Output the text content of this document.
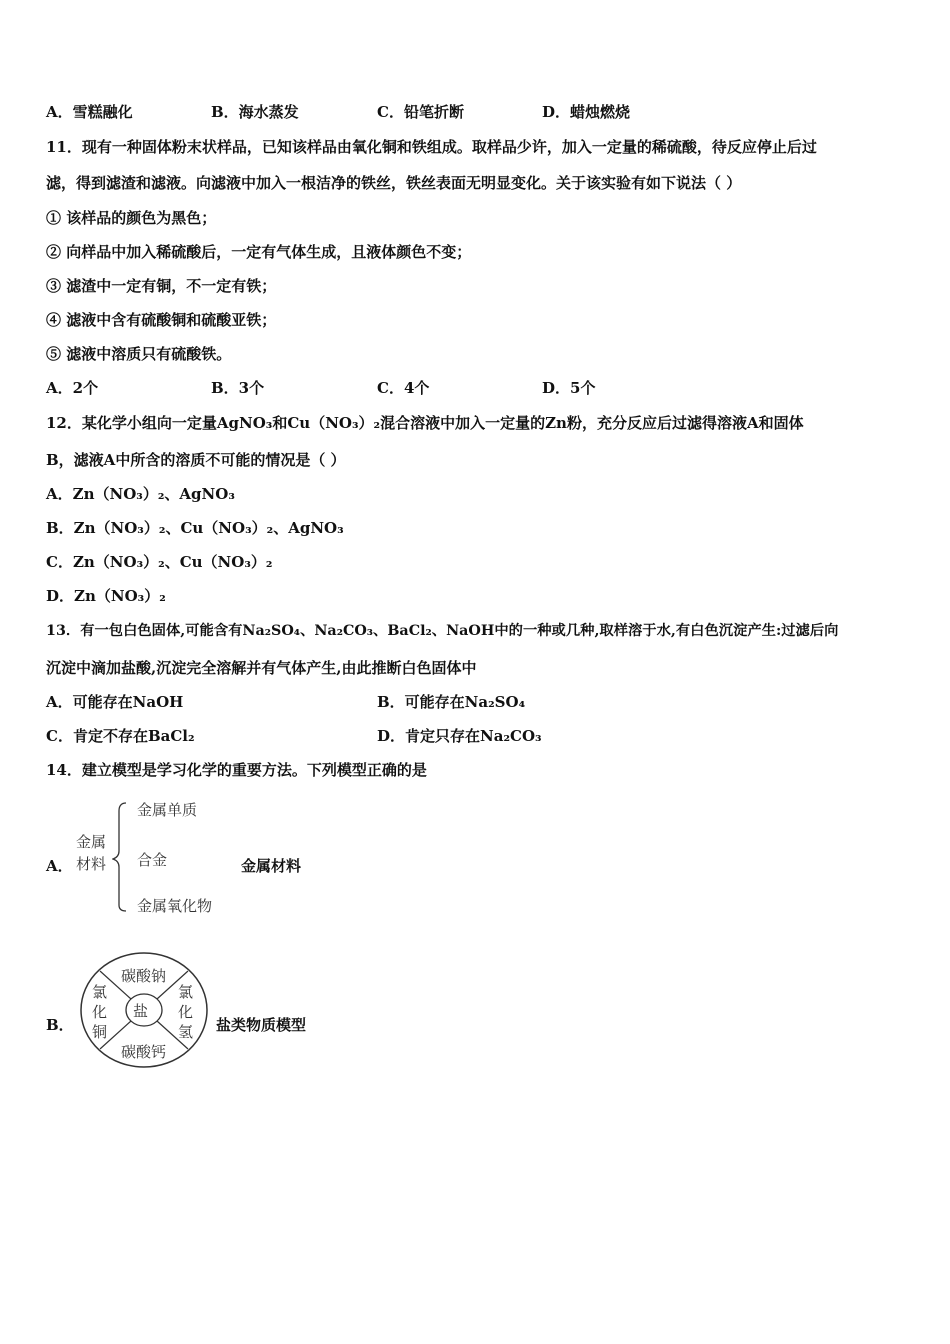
A．雪糕融化	B．海水蒸发	C．铅笔折断	D．蜡烛燃烧
11．现有一种固体粉末状样品，已知该样品由氧化铜和铁组成。取样品少许，加入一定量的稀硫酸，待反应停止后过
滤，得到滤渣和滤液。向滤液中加入一根洁净的铁丝，铁丝表面无明显变化。关于该实验有如下说法（ ）
① 该样品的颜色为黑色；
② 向样品中加入稀硫酸后，一定有气体生成，且液体颜色不变；
③ 滤渣中一定有铜，不一定有铁；
④ 滤液中含有硫酸铜和硫酸亚铁；
⑤ 滤液中溶质只有硫酸铁。
A．2个	B．3个	C．4个	D．5个
12．某化学小组向一定量AgNO₃和Cu（NO₃）₂混合溶液中加入一定量的Zn粉，充分反应后过滤得溶液A和固体
B，滤液A中所含的溶质不可能的情况是（ ）
A．Zn（NO₃）₂、AgNO₃
B．Zn（NO₃）₂、Cu（NO₃）₂、AgNO₃
C．Zn（NO₃）₂、Cu（NO₃）₂
D．Zn（NO₃）₂
13．有一包白色固体,可能含有Na₂SO₄、Na₂CO₃、BaCl₂、NaOH中的一种或几种,取样溶于水,有白色沉淀产生:过滤后向
沉淀中滴加盐酸,沉淀完全溶解并有气体产生,由此推断白色固体中
A．可能存在NaOH	B．可能存在Na₂SO₄
C．肯定不存在BaCl₂	D．肯定只存在Na₂CO₃
14．建立模型是学习化学的重要方法。下列模型正确的是
A．
金属
材料
金属单质
合金
金属氧化物
金属材料
B．
盐
碳酸钠
碳酸钙
氯化铜
氯化氢 盐类物质模型
